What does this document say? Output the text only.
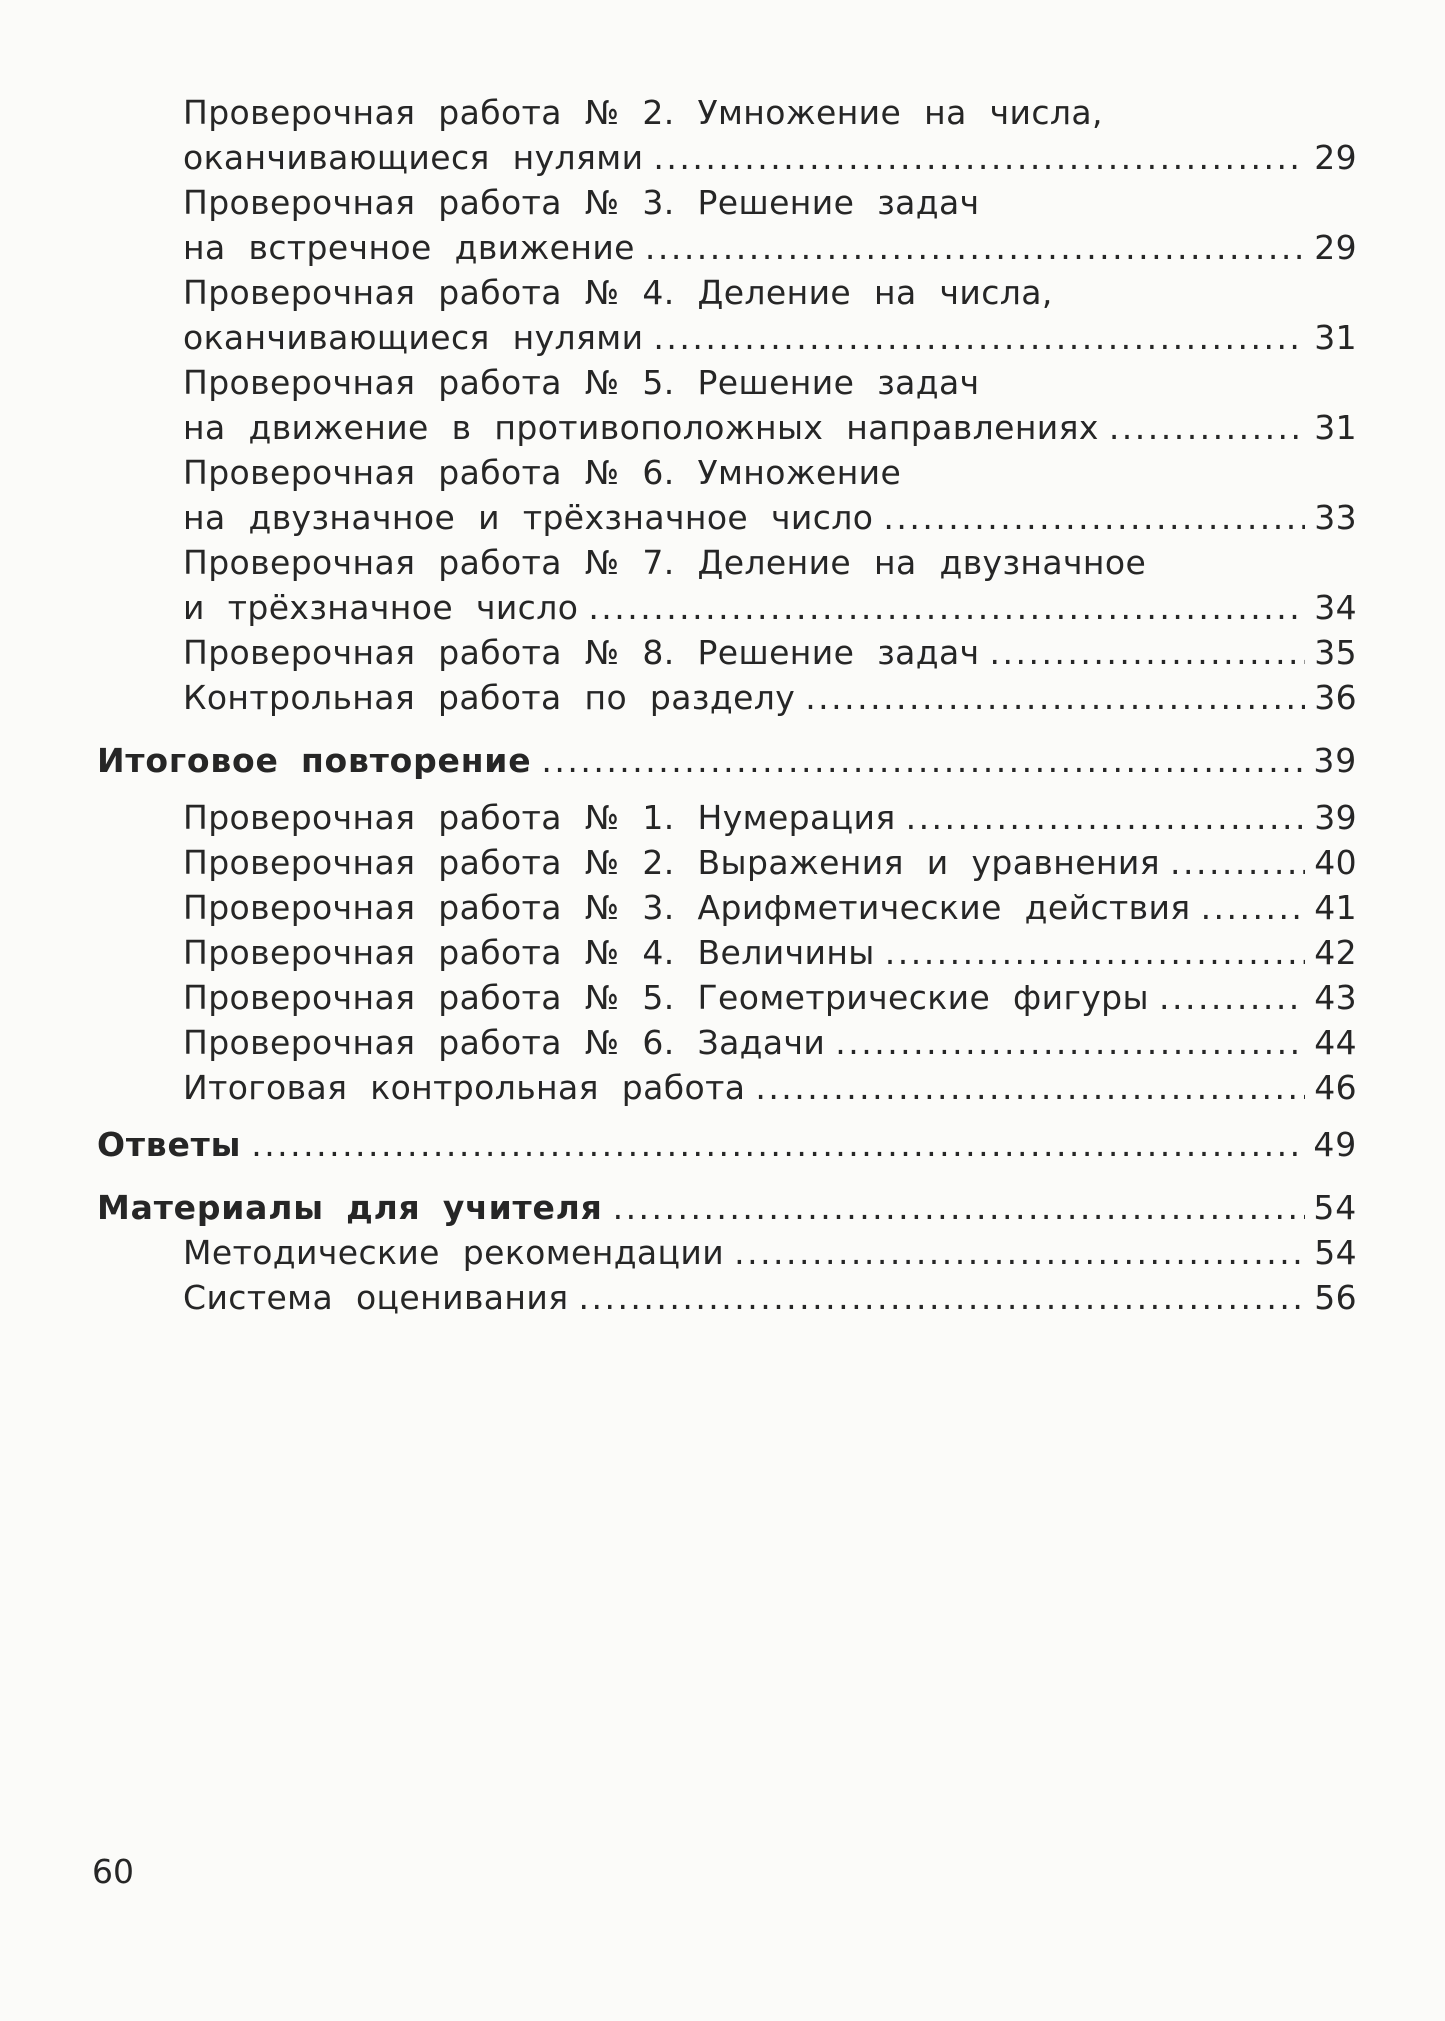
Проверочная работа № 2. Умножение на числа,
оканчивающиеся нулями . . .	29
Проверочная работа № 3. Решение задач
на встречное движение . . .	29
Проверочная работа № 4. Деление на числа,
оканчивающиеся нулями . . .	31
Проверочная работа № 5. Решение задач
на движение в противоположных направлениях . . .	31
Проверочная работа № 6. Умножение
на двузначное и трёхзначное число . . .	33
Проверочная работа № 7. Деление на двузначное
и трёхзначное число . . .	34
Проверочная работа № 8. Решение задач . . .	35
Контрольная работа по разделу . . .	36
Итоговое повторение . . .	39
Проверочная работа № 1. Нумерация . . .	39
Проверочная работа № 2. Выражения и уравнения . . .	40
Проверочная работа № 3. Арифметические действия . . .	41
Проверочная работа № 4. Величины . . .	42
Проверочная работа № 5. Геометрические фигуры . . .	43
Проверочная работа № 6. Задачи . . .	44
Итоговая контрольная работа . . .	46
Ответы . . .	49
Материалы для учителя . . .	54
Методические рекомендации . . .	54
Система оценивания . . .	56
60
